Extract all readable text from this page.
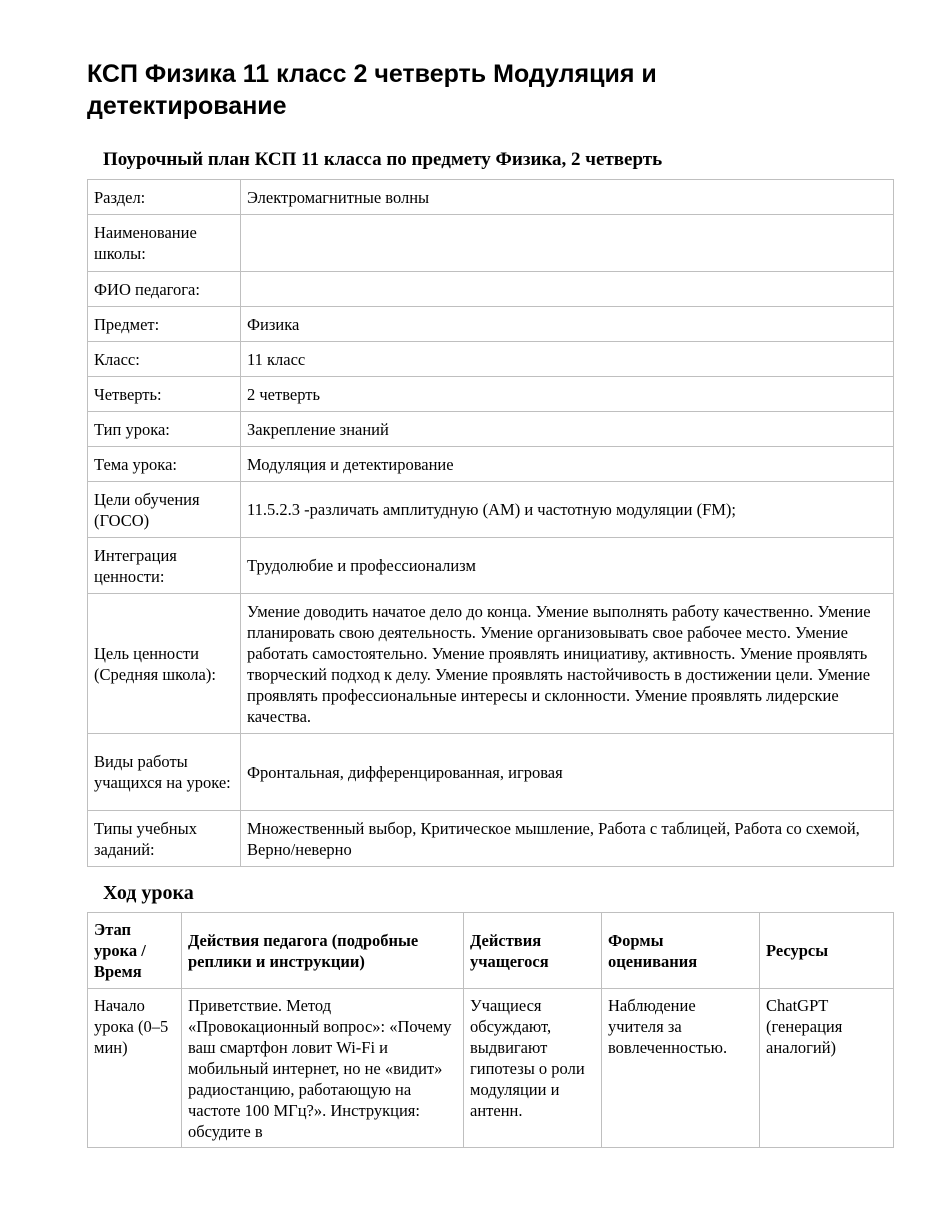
КСП Физика 11 класс 2 четверть Модуляция и детектирование
Поурочный план КСП 11 класса по предмету Физика, 2 четверть
Раздел:	Электромагнитные волны
Наименование школы:	
ФИО педагога:	
Предмет:	Физика
Класс:	11 класс
Четверть:	2 четверть
Тип урока:	Закрепление знаний
Тема урока:	Модуляция и детектирование
Цели обучения (ГОСО)	11.5.2.3 -различать амплитудную (АМ) и частотную модуляции (FM);
Интеграция ценности:	Трудолюбие и профессионализм
Цель ценности (Средняя школа):	Умение доводить начатое дело до конца. Умение выполнять работу качественно. Умение планировать свою деятельность. Умение организовывать свое рабочее место. Умение работать самостоятельно. Умение проявлять инициативу, активность. Умение проявлять творческий подход к делу. Умение проявлять настойчивость в достижении цели. Умение проявлять профессиональные интересы и склонности. Умение проявлять лидерские качества.
Виды работы учащихся на уроке:	Фронтальная, дифференцированная, игровая
Типы учебных заданий:	Множественный выбор, Критическое мышление, Работа с таблицей, Работа со схемой, Верно/неверно
Ход урока
Этап урока / Время	Действия педагога (подробные реплики и инструкции)	Действия учащегося	Формы оценивания	Ресурсы
Начало урока (0–5 мин)	Приветствие. Метод «Провокационный вопрос»: «Почему ваш смартфон ловит Wi-Fi и мобильный интернет, но не «видит» радиостанцию, работающую на частоте 100 МГц?». Инструкция: обсудите в	Учащиеся обсуждают, выдвигают гипотезы о роли модуляции и антенн.	Наблюдение учителя за вовлеченностью.	ChatGPT (генерация аналогий)
